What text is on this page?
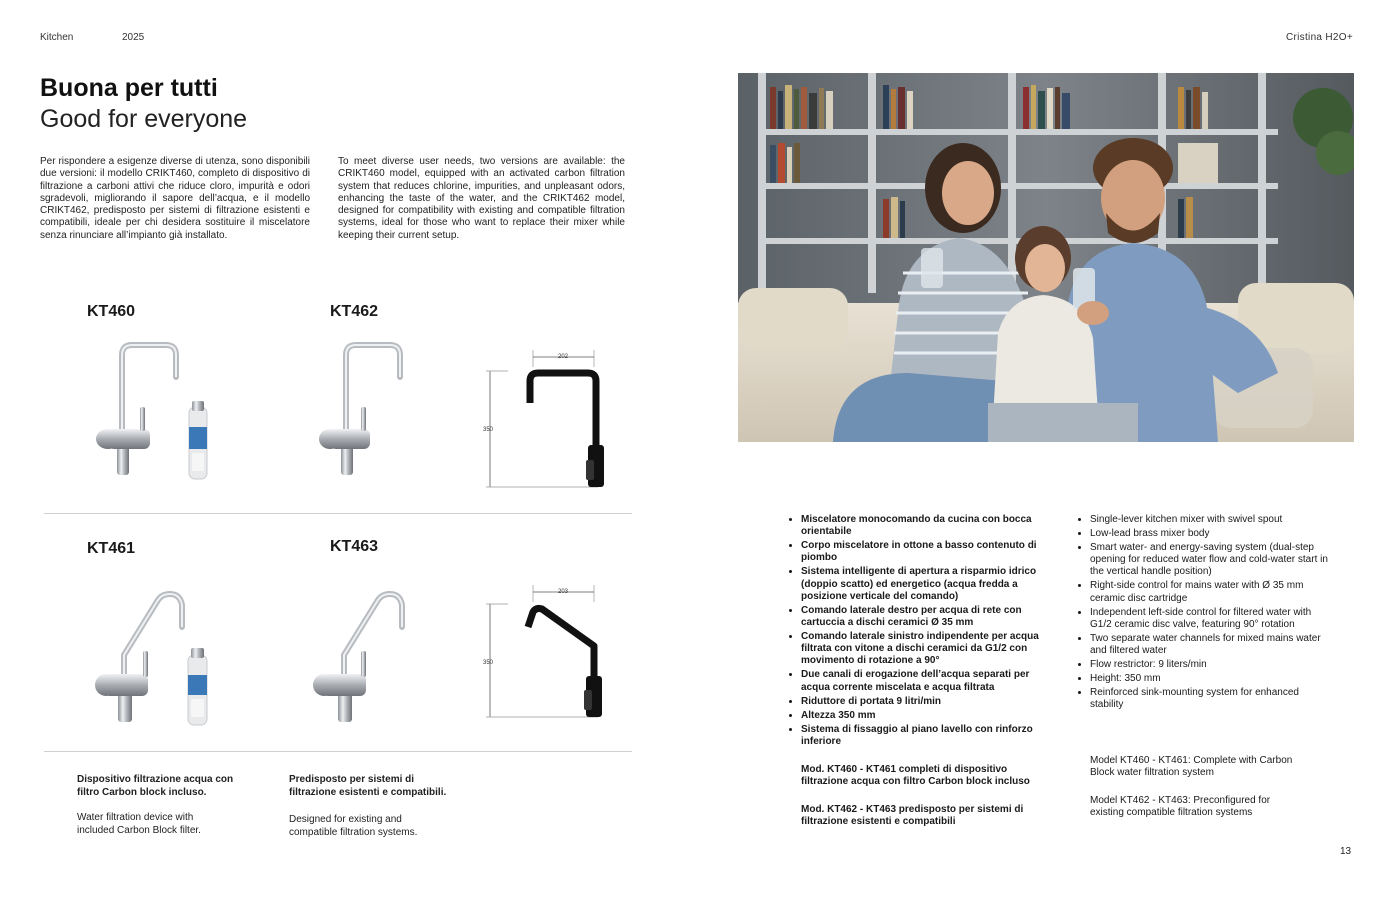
Kitchen	2025	Cristina H2O+
Buona per tutti
Good for everyone

Per rispondere a esigenze diverse di utenza, sono disponibili due versioni: il modello CRIKT460, completo di dispositivo di filtrazione a carboni attivi che riduce cloro, impurità e odori sgradevoli, migliorando il sapore dell’acqua, e il modello CRIKT462, predisposto per sistemi di filtrazione esistenti e compatibili, ideale per chi desidera sostituire il miscelatore senza rinunciare all’impianto già installato.

To meet diverse user needs, two versions are available: the CRIKT460 model, equipped with an activated carbon filtration system that reduces chlorine, impurities, and unpleasant odors, enhancing the taste of the water, and the CRIKT462 model, designed for compatibility with existing and compatible filtration systems, ideal for those who want to replace their mixer while keeping their current setup.

KT460	KT462
KT461	KT463
202
350
203
350
Dispositivo filtrazione acqua con filtro Carbon block incluso.
Water filtration device with included Carbon Block filter.
Predisposto per sistemi di filtrazione esistenti e compatibili.
Designed for existing and compatible filtration systems.
• Miscelatore monocomando da cucina con bocca orientabile
• Corpo miscelatore in ottone a basso contenuto di piombo
• Sistema intelligente di apertura a risparmio idrico (doppio scatto) ed energetico (acqua fredda a posizione verticale del comando)
• Comando laterale destro per acqua di rete con cartuccia a dischi ceramici Ø 35 mm
• Comando laterale sinistro indipendente per acqua filtrata con vitone a dischi ceramici da G1/2 con movimento di rotazione a 90°
• Due canali di erogazione dell’acqua separati per acqua corrente miscelata e acqua filtrata
• Riduttore di portata 9 litri/min
• Altezza 350 mm
• Sistema di fissaggio al piano lavello con rinforzo inferiore
• Single-lever kitchen mixer with swivel spout
• Low-lead brass mixer body
• Smart water- and energy-saving system (dual-step opening for reduced water flow and cold-water start in the vertical handle position)
• Right-side control for mains water with Ø 35 mm ceramic disc cartridge
• Independent left-side control for filtered water with G1/2 ceramic disc valve, featuring 90° rotation
• Two separate water channels for mixed mains water and filtered water
• Flow restrictor: 9 liters/min
• Height: 350 mm
• Reinforced sink-mounting system for enhanced stability
Mod. KT460 - KT461 completi di dispositivo filtrazione acqua con filtro Carbon block incluso
Mod. KT462 - KT463 predisposto per sistemi di filtrazione esistenti e compatibili
Model KT460 - KT461: Complete with Carbon Block water filtration system
Model KT462 - KT463: Preconfigured for existing compatible filtration systems
13
